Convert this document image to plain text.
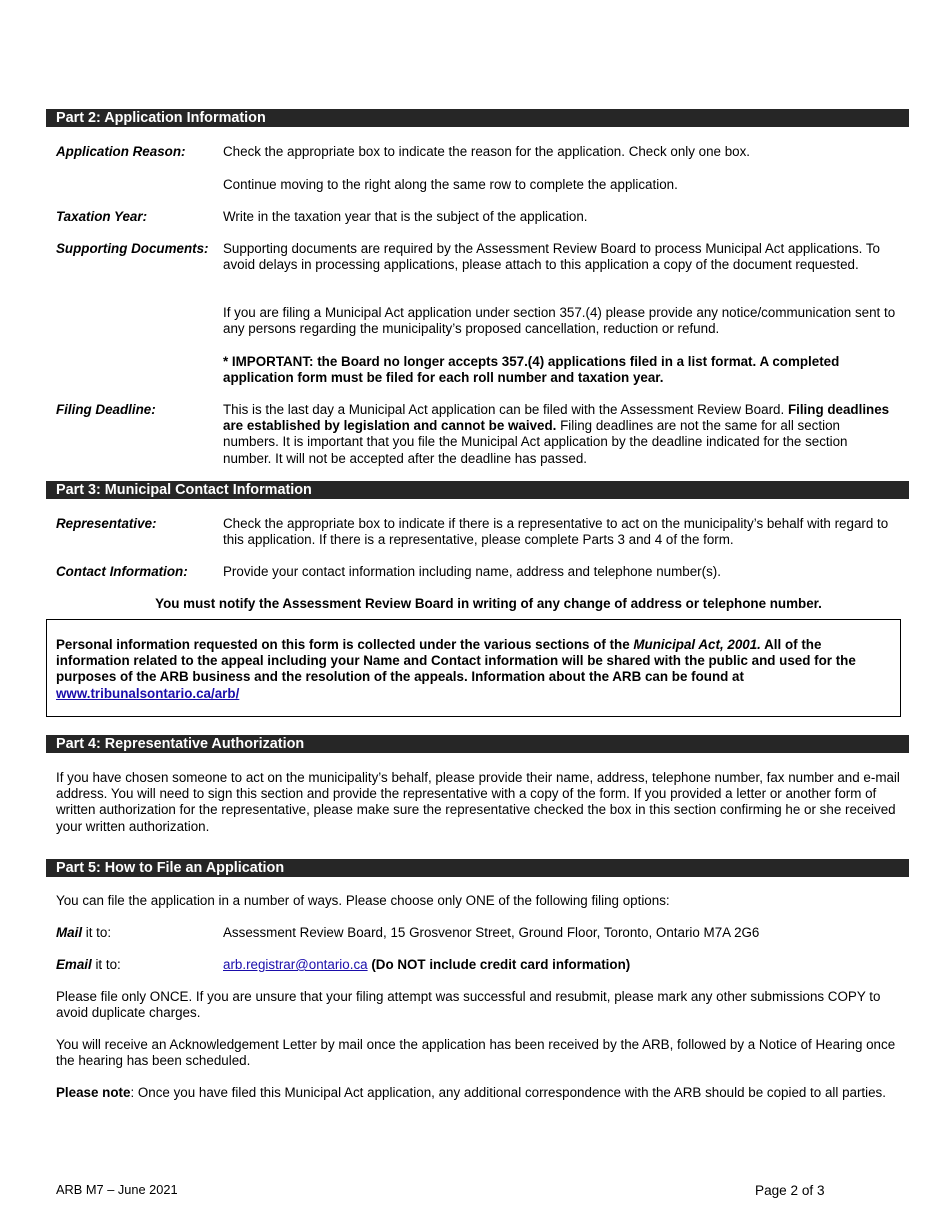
Part 2: Application Information
Application Reason:	Check the appropriate box to indicate the reason for the application. Check only one box.
Continue moving to the right along the same row to complete the application.
Taxation Year:	Write in the taxation year that is the subject of the application.
Supporting Documents:	Supporting documents are required by the Assessment Review Board to process Municipal Act applications. To avoid delays in processing applications, please attach to this application a copy of the document requested.
If you are filing a Municipal Act application under section 357.(4) please provide any notice/communication sent to any persons regarding the municipality’s proposed cancellation, reduction or refund.
* IMPORTANT: the Board no longer accepts 357.(4) applications filed in a list format. A completed application form must be filed for each roll number and taxation year.
Filing Deadline:	This is the last day a Municipal Act application can be filed with the Assessment Review Board. Filing deadlines are established by legislation and cannot be waived. Filing deadlines are not the same for all section numbers. It is important that you file the Municipal Act application by the deadline indicated for the section number. It will not be accepted after the deadline has passed.
Part 3: Municipal Contact Information
Representative:	Check the appropriate box to indicate if there is a representative to act on the municipality’s behalf with regard to this application. If there is a representative, please complete Parts 3 and 4 of the form.
Contact Information:	Provide your contact information including name, address and telephone number(s).
You must notify the Assessment Review Board in writing of any change of address or telephone number.
Personal information requested on this form is collected under the various sections of the Municipal Act, 2001. All of the information related to the appeal including your Name and Contact information will be shared with the public and used for the purposes of the ARB business and the resolution of the appeals. Information about the ARB can be found at www.tribunalsontario.ca/arb/
Part 4: Representative Authorization
If you have chosen someone to act on the municipality’s behalf, please provide their name, address, telephone number, fax number and e-mail address. You will need to sign this section and provide the representative with a copy of the form. If you provided a letter or another form of written authorization for the representative, please make sure the representative checked the box in this section confirming he or she received your written authorization.
Part 5: How to File an Application
You can file the application in a number of ways. Please choose only ONE of the following filing options:
Mail it to:	Assessment Review Board, 15 Grosvenor Street, Ground Floor, Toronto, Ontario M7A 2G6
Email it to:	arb.registrar@ontario.ca (Do NOT include credit card information)
Please file only ONCE. If you are unsure that your filing attempt was successful and resubmit, please mark any other submissions COPY to avoid duplicate charges.
You will receive an Acknowledgement Letter by mail once the application has been received by the ARB, followed by a Notice of Hearing once the hearing has been scheduled.
Please note: Once you have filed this Municipal Act application, any additional correspondence with the ARB should be copied to all parties.
ARB M7 – June 2021	Page 2 of 3
